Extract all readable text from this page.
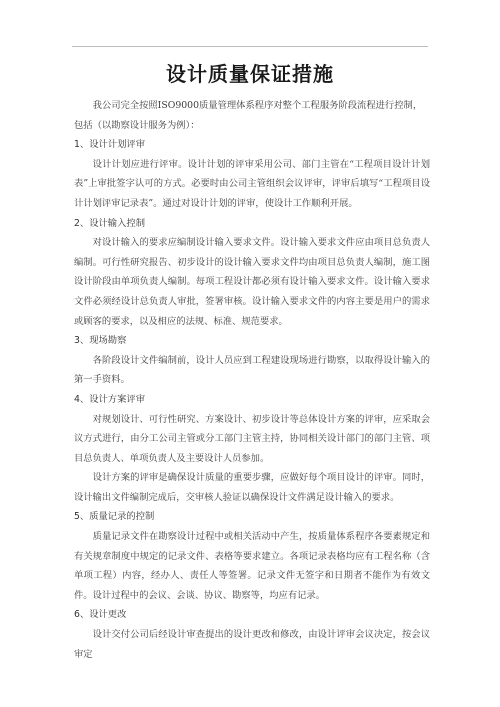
设计质量保证措施

我公司完全按照ISO9000质量管理体系程序对整个工程服务阶段流程进行控制，包括（以勘察设计服务为例）：

1、设计计划评审

设计计划应进行评审。设计计划的评审采用公司、部门主管在“工程项目设计计划表”上审批签字认可的方式。必要时由公司主管组织会议评审，评审后填写“工程项目设计计划评审记录表”。通过对设计计划的评审，使设计工作顺利开展。

2、设计输入控制

对设计输入的要求应编制设计输入要求文件。设计输入要求文件应由项目总负责人编制。可行性研究报告、初步设计的设计输入要求文件均由项目总负责人编制，施工图设计阶段由单项负责人编制。每项工程设计都必须有设计输入要求文件。设计输入要求文件必须经设计总负责人审批，签署审核。设计输入要求文件的内容主要是用户的需求或顾客的要求，以及相应的法规、标准、规范要求。

3、现场勘察

各阶段设计文件编制前，设计人员应到工程建设现场进行勘察，以取得设计输入的第一手资料。

4、设计方案评审

对规划设计、可行性研究、方案设计、初步设计等总体设计方案的评审，应采取会议方式进行，由分工公司主管或分工部门主管主持，协同相关设计部门的部门主管、项目总负责人、单项负责人及主要设计人员参加。

设计方案的评审是确保设计质量的重要步骤，应做好每个项目设计的评审。同时，设计输出文件编制完成后，交审核人验证以确保设计文件满足设计输入的要求。

5、质量记录的控制

质量记录文件在勘察设计过程中或相关活动中产生，按质量体系程序各要素规定和有关规章制度中规定的记录文件、表格等要求建立。各项记录表格均应有工程名称（含单项工程）内容，经办人、责任人等签署。记录文件无签字和日期者不能作为有效文件。设计过程中的会议、会谈、协议、勘察等，均应有记录。

6、设计更改

设计交付公司后经设计审查提出的设计更改和修改，由设计评审会议决定，按会议审定
